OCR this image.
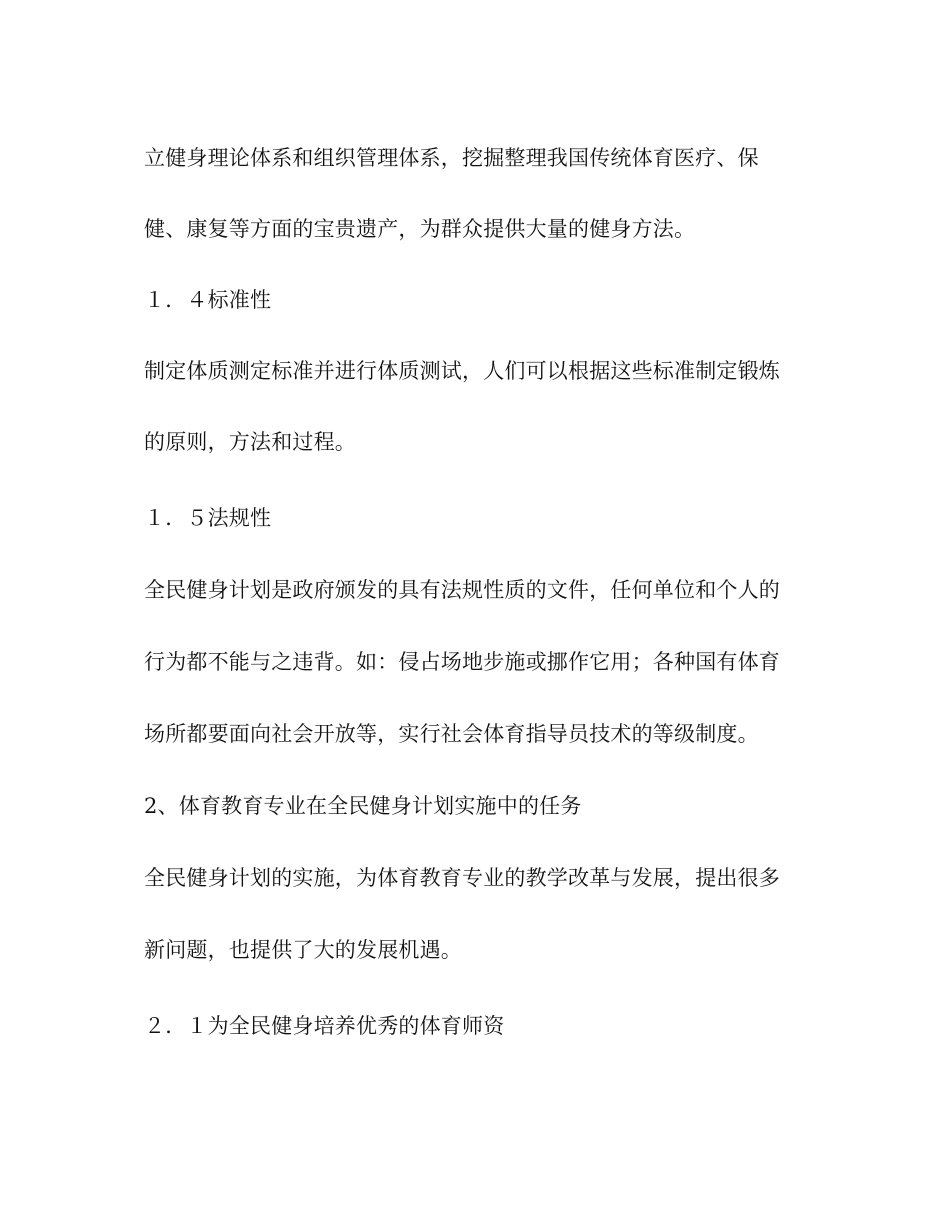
立健身理论体系和组织管理体系，挖掘整理我国传统体育医疗、保
健、康复等方面的宝贵遗产，为群众提供大量的健身方法。
１．４标准性
制定体质测定标准并进行体质测试，人们可以根据这些标准制定锻炼
的原则，方法和过程。
１．５法规性
全民健身计划是政府颁发的具有法规性质的文件，任何单位和个人的
行为都不能与之违背。如：侵占场地步施或挪作它用；各种国有体育
场所都要面向社会开放等，实行社会体育指导员技术的等级制度。
2、体育教育专业在全民健身计划实施中的任务
全民健身计划的实施，为体育教育专业的教学改革与发展，提出很多
新问题，也提供了大的发展机遇。
２．１为全民健身培养优秀的体育师资
